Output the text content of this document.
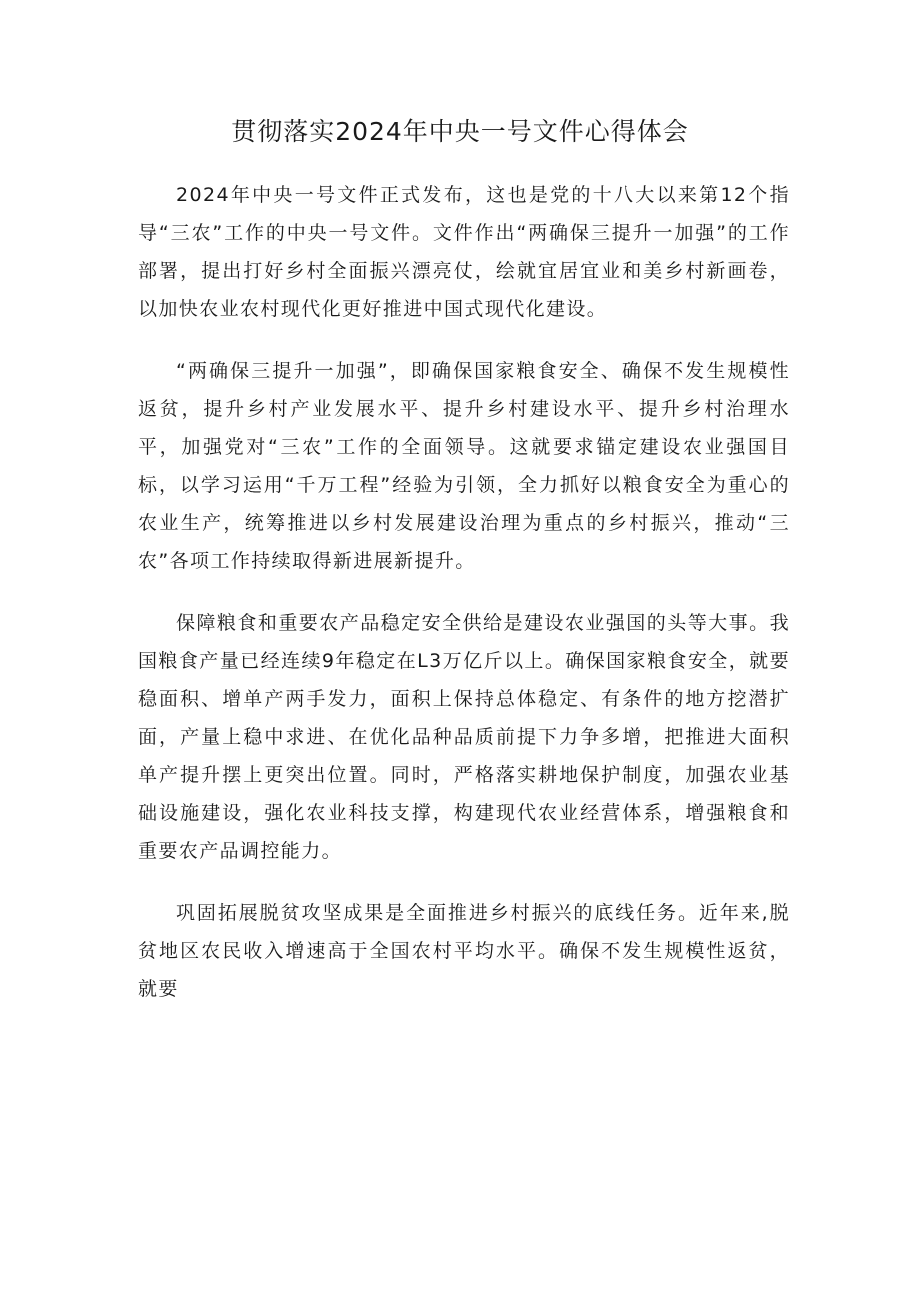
贯彻落实2024年中央一号文件心得体会

2024年中央一号文件正式发布，这也是党的十八大以来第12个指导“三农”工作的中央一号文件。文件作出“两确保三提升一加强”的工作部署，提出打好乡村全面振兴漂亮仗，绘就宜居宜业和美乡村新画卷，以加快农业农村现代化更好推进中国式现代化建设。

“两确保三提升一加强”，即确保国家粮食安全、确保不发生规模性返贫，提升乡村产业发展水平、提升乡村建设水平、提升乡村治理水平，加强党对“三农”工作的全面领导。这就要求锚定建设农业强国目标，以学习运用“千万工程”经验为引领，全力抓好以粮食安全为重心的农业生产，统筹推进以乡村发展建设治理为重点的乡村振兴，推动“三农”各项工作持续取得新进展新提升。

保障粮食和重要农产品稳定安全供给是建设农业强国的头等大事。我国粮食产量已经连续9年稳定在L3万亿斤以上。确保国家粮食安全，就要稳面积、增单产两手发力，面积上保持总体稳定、有条件的地方挖潜扩面，产量上稳中求进、在优化品种品质前提下力争多增，把推进大面积单产提升摆上更突出位置。同时，严格落实耕地保护制度，加强农业基础设施建设，强化农业科技支撑，构建现代农业经营体系，增强粮食和重要农产品调控能力。

巩固拓展脱贫攻坚成果是全面推进乡村振兴的底线任务。近年来,脱贫地区农民收入增速高于全国农村平均水平。确保不发生规模性返贫，就要
